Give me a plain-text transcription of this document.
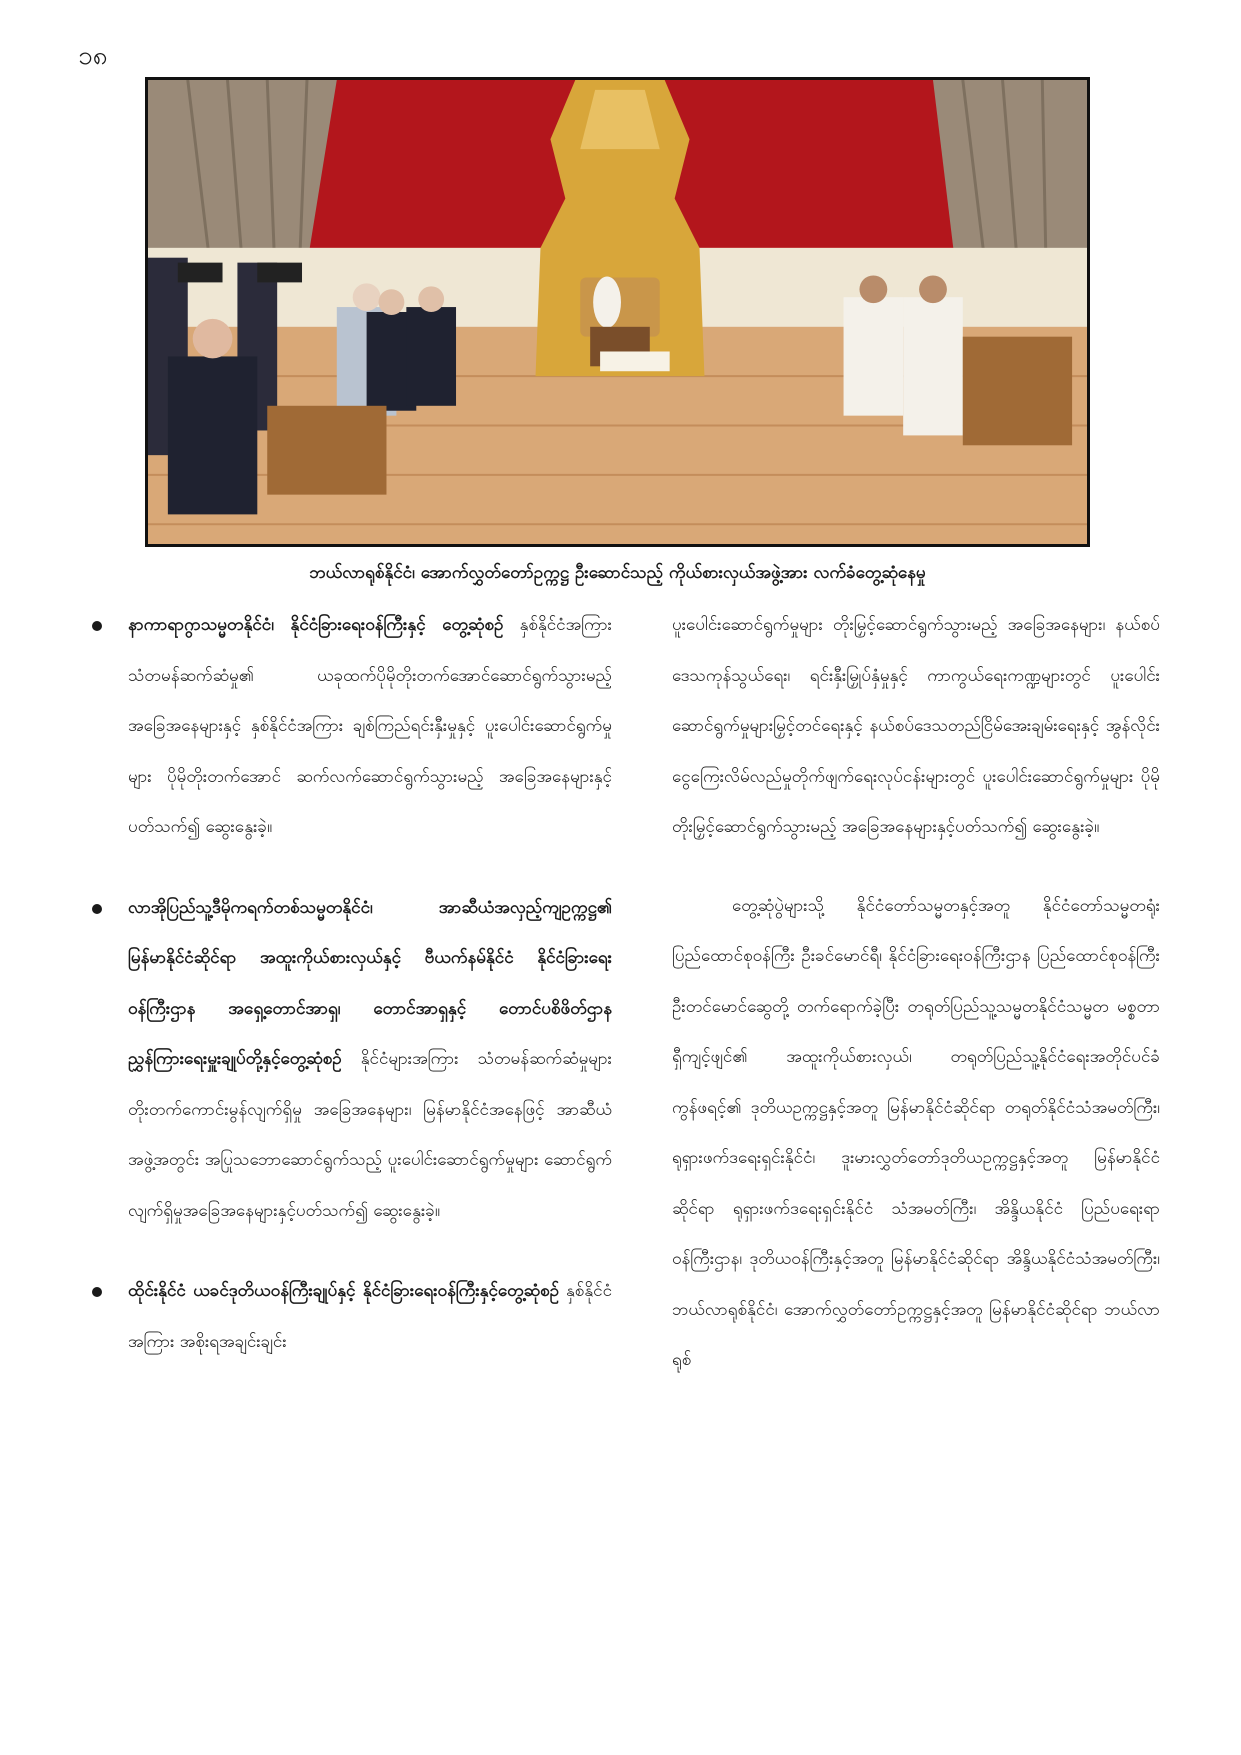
၁၈
ဘယ်လာရုစ်နိုင်ငံ၊ အောက်လွှတ်တော်ဥက္ကဋ္ဌ ဦးဆောင်သည့် ကိုယ်စားလှယ်အဖွဲ့အား လက်ခံတွေ့ဆုံနေမှု
နာကာရာဂွာသမ္မတနိုင်ငံ၊ နိုင်ငံခြားရေးဝန်ကြီးနှင့် တွေ့ဆုံစဉ် နှစ်နိုင်ငံအကြား သံတမန်ဆက်ဆံမှု၏ ယခုထက်ပိုမိုတိုးတက်အောင်ဆောင်ရွက်သွားမည့် အခြေအနေများနှင့် နှစ်နိုင်ငံအကြား ချစ်ကြည်ရင်းနှီးမှုနှင့် ပူးပေါင်းဆောင်ရွက်မှုများ ပိုမိုတိုးတက်အောင် ဆက်လက်ဆောင်ရွက်သွားမည့် အခြေအနေများနှင့်ပတ်သက်၍ ဆွေးနွေးခဲ့။
လာအိုပြည်သူ့ဒီမိုကရက်တစ်သမ္မတနိုင်ငံ၊ အာဆီယံအလှည့်ကျဥက္ကဋ္ဌ၏ မြန်မာနိုင်ငံဆိုင်ရာ အထူးကိုယ်စားလှယ်နှင့် ဗီယက်နမ်နိုင်ငံ နိုင်ငံခြားရေးဝန်ကြီးဌာန အရှေ့တောင်အာရှ၊ တောင်အာရှနှင့် တောင်ပစိဖိတ်ဌာနညွှန်ကြားရေးမှူးချုပ်တို့နှင့်တွေ့ဆုံစဉ် နိုင်ငံများအကြား သံတမန်ဆက်ဆံမှုများ တိုးတက်ကောင်းမွန်လျက်ရှိမှု အခြေအနေများ၊ မြန်မာနိုင်ငံအနေဖြင့် အာဆီယံအဖွဲ့အတွင်း အပြုသဘောဆောင်ရွက်သည့် ပူးပေါင်းဆောင်ရွက်မှုများ ဆောင်ရွက်လျက်ရှိမှုအခြေအနေများနှင့်ပတ်သက်၍ ဆွေးနွေးခဲ့။
ထိုင်းနိုင်ငံ ယခင်ဒုတိယဝန်ကြီးချုပ်နှင့် နိုင်ငံခြားရေးဝန်ကြီးနှင့်တွေ့ဆုံစဉ် နှစ်နိုင်ငံအကြား အစိုးရအချင်းချင်း

ပူးပေါင်းဆောင်ရွက်မှုများ တိုးမြှင့်ဆောင်ရွက်သွားမည့် အခြေအနေများ၊ နယ်စပ်ဒေသကုန်သွယ်ရေး၊ ရင်းနှီးမြှုပ်နှံမှုနှင့် ကာကွယ်ရေးကဏ္ဍများတွင် ပူးပေါင်းဆောင်ရွက်မှုများမြှင့်တင်ရေးနှင့် နယ်စပ်ဒေသတည်ငြိမ်အေးချမ်းရေးနှင့် အွန်လိုင်းငွေကြေးလိမ်လည်မှုတိုက်ဖျက်ရေးလုပ်ငန်းများတွင် ပူးပေါင်းဆောင်ရွက်မှုများ ပိုမိုတိုးမြှင့်ဆောင်ရွက်သွားမည့် အခြေအနေများနှင့်ပတ်သက်၍ ဆွေးနွေးခဲ့။

တွေ့ဆုံပွဲများသို့ နိုင်ငံတော်သမ္မတနှင့်အတူ နိုင်ငံတော်သမ္မတရုံး ပြည်ထောင်စုဝန်ကြီး ဦးခင်မောင်ရီ၊ နိုင်ငံခြားရေးဝန်ကြီးဌာန ပြည်ထောင်စုဝန်ကြီး ဦးတင်မောင်ဆွေတို့ တက်ရောက်ခဲ့ပြီး တရုတ်ပြည်သူ့သမ္မတနိုင်ငံသမ္မတ မစ္စတာရှီကျင့်ဖျင်၏ အထူးကိုယ်စားလှယ်၊ တရုတ်ပြည်သူ့နိုင်ငံရေးအတိုင်ပင်ခံကွန်ဖရင့်၏ ဒုတိယဥက္ကဋ္ဌနှင့်အတူ မြန်မာနိုင်ငံဆိုင်ရာ တရုတ်နိုင်ငံသံအမတ်ကြီး၊ ရုရှားဖက်ဒရေးရှင်းနိုင်ငံ၊ ဒူးမားလွှတ်တော်ဒုတိယဥက္ကဋ္ဌနှင့်အတူ မြန်မာနိုင်ငံဆိုင်ရာ ရုရှားဖက်ဒရေးရှင်းနိုင်ငံ သံအမတ်ကြီး၊ အိန္ဒိယနိုင်ငံ ပြည်ပရေးရာဝန်ကြီးဌာန၊ ဒုတိယဝန်ကြီးနှင့်အတူ မြန်မာနိုင်ငံဆိုင်ရာ အိန္ဒိယနိုင်ငံသံအမတ်ကြီး၊ ဘယ်လာရုစ်နိုင်ငံ၊ အောက်လွှတ်တော်ဥက္ကဋ္ဌနှင့်အတူ မြန်မာနိုင်ငံဆိုင်ရာ ဘယ်လာရုစ်
